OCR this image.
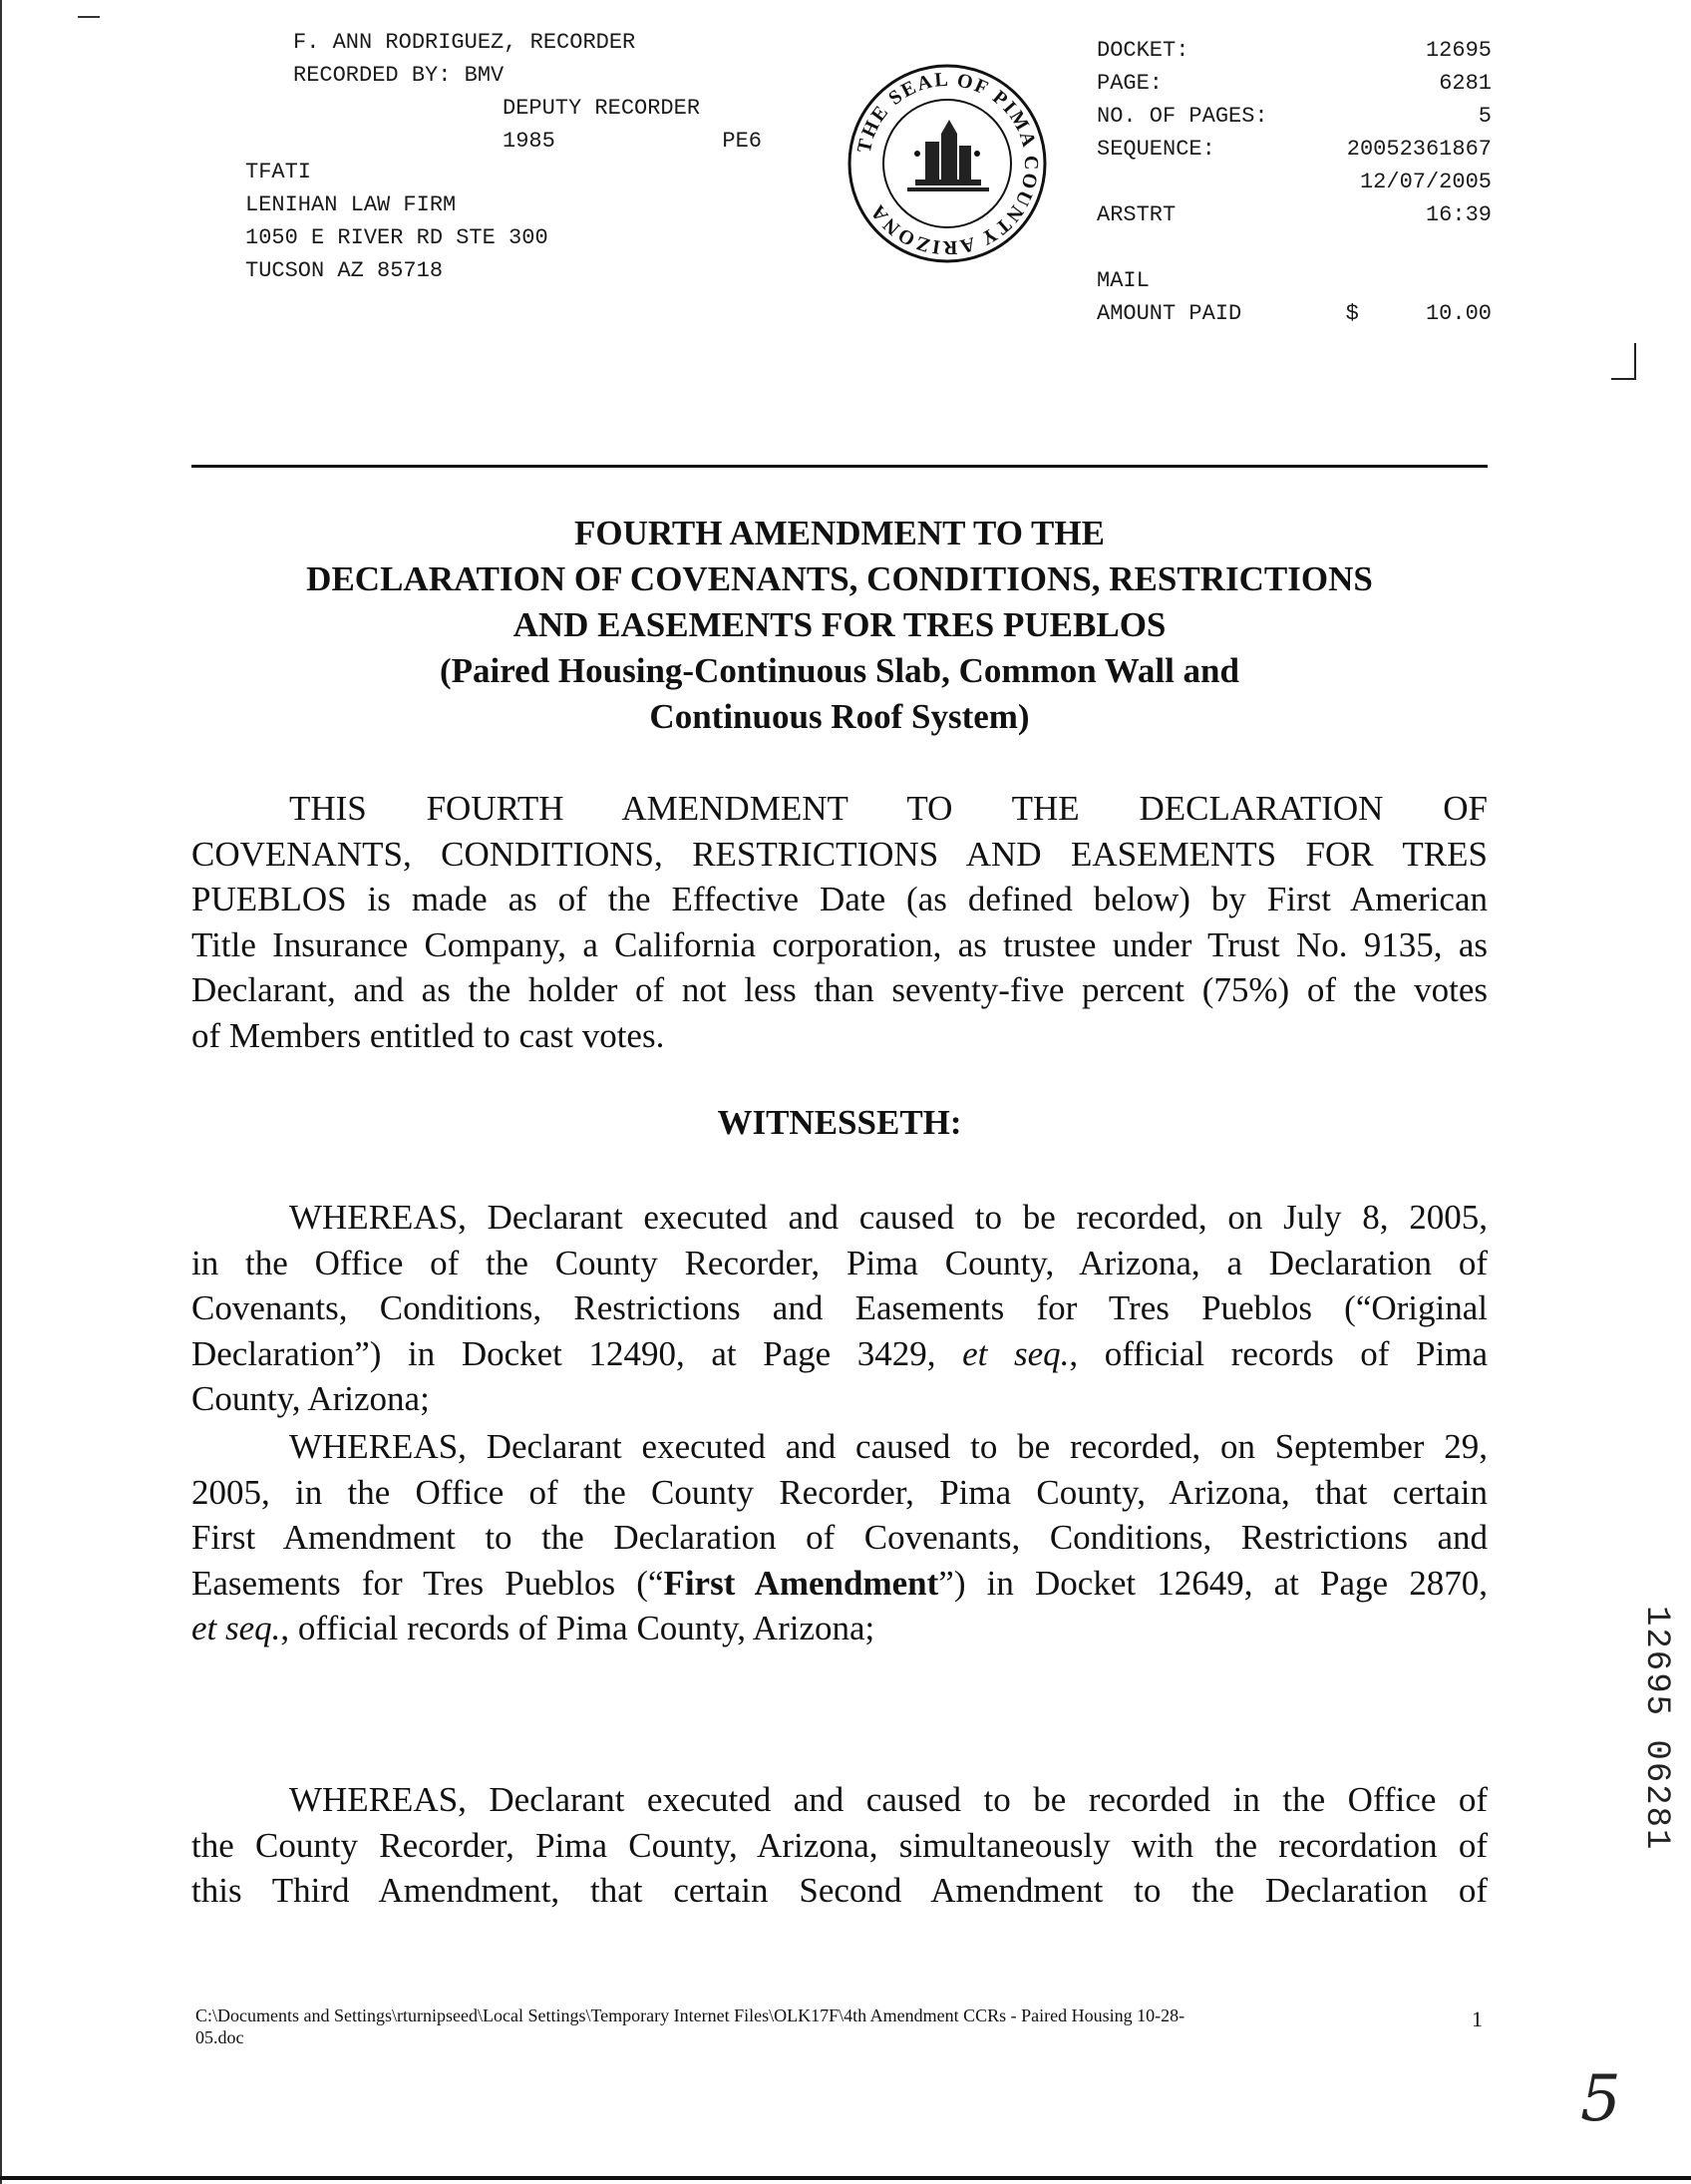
F. ANN RODRIGUEZ, RECORDER
RECORDED BY: BMV
DEPUTY RECORDER
1985	PE6
TFATI
LENIHAN LAW FIRM
1050 E RIVER RD STE 300
TUCSON AZ 85718
THE SEAL OF PIMA COUNTY ARIZONA
DOCKET:	12695
PAGE:	6281
NO. OF PAGES:	5
SEQUENCE:	20052361867
12/07/2005
ARSTRT	16:39
MAIL
AMOUNT PAID	$	10.00
FOURTH AMENDMENT TO THE
DECLARATION OF COVENANTS, CONDITIONS, RESTRICTIONS
AND EASEMENTS FOR TRES PUEBLOS
(Paired Housing-Continuous Slab, Common Wall and
Continuous Roof System)
THIS FOURTH AMENDMENT TO THE DECLARATION OF
COVENANTS, CONDITIONS, RESTRICTIONS AND EASEMENTS FOR TRES
PUEBLOS is made as of the Effective Date (as defined below) by First American
Title Insurance Company, a California corporation, as trustee under Trust No. 9135, as
Declarant, and as the holder of not less than seventy-five percent (75%) of the votes
of Members entitled to cast votes.
WITNESSETH:
WHEREAS, Declarant executed and caused to be recorded, on July 8, 2005,
in the Office of the County Recorder, Pima County, Arizona, a Declaration of
Covenants, Conditions, Restrictions and Easements for Tres Pueblos (“Original
Declaration”) in Docket 12490, at Page 3429, et seq., official records of Pima
County, Arizona;
WHEREAS, Declarant executed and caused to be recorded, on September 29,
2005, in the Office of the County Recorder, Pima County, Arizona, that certain
First Amendment to the Declaration of Covenants, Conditions, Restrictions and
Easements for Tres Pueblos (“First Amendment”) in Docket 12649, at Page 2870,
et seq., official records of Pima County, Arizona;
WHEREAS, Declarant executed and caused to be recorded in the Office of
the County Recorder, Pima County, Arizona, simultaneously with the recordation of
this Third Amendment, that certain Second Amendment to the Declaration of
12695 06281
C:\Documents and Settings\rturnipseed\Local Settings\Temporary Internet Files\OLK17F\4th Amendment CCRs - Paired Housing 10-28-
05.doc
1
5
